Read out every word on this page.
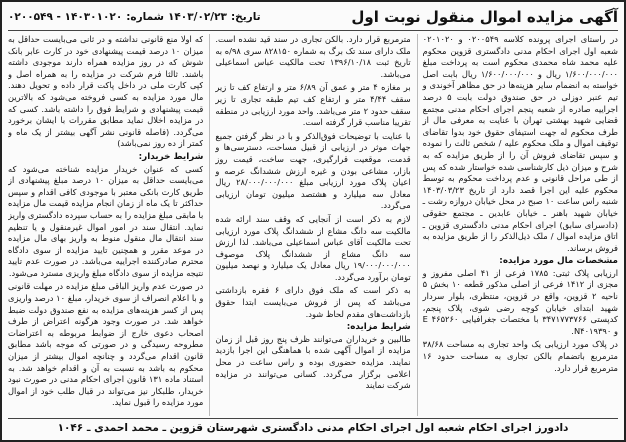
آگهی مزایده اموال منقول نوبت اول
تاریخ:
۱۴۰۳/۰۲/۲۳
شماره:
۱۴۰۳۰۱۰۲۰ - ۰۲۰۰۵۴۹

در راستای اجرای پرونده کلاسه ۰۲۰۰۵۴۹ و ۰۲۰۱۰۲۰ شعبه اول اجرای احکام مدنی دادگستری قزوین محکوم علیه محمد شاه محمدی محکوم است به پرداخت مبلغ ۱/۶۰۰/۰۰۰/۰۰۰ ریال و ۱/۶۰۰/۰۰۰/۰۰۰ ریال بابت اصل خواسته به انضمام سایر هزینه‌ها در حق مظاهر آخوندی و تیم عنبر دوزلی در حق صندوق دولت بابت ۵ درصد اجراییه صادره از شعبه پنجم اجرای احکام مدنی مجتمع قضایی شهید بهشتی تهران با عنایت به معرفی مال از طرف محکوم له جهت استیفای حقوق خود بدوا تقاضای توقیف اموال و ملک محکوم علیه / شخص ثالث را نموده و سپس تقاضای فروش آن را از طریق مزایده که به شرح و میزان ذیل کارشناسی شده خواستار شده که پس از طی مراحل قانونی و عدم پرداخت محکوم به توسط محکوم علیه این اجرا قصد دارد از تاریخ ۱۴۰۳/۰۳/۲۳ شنبه راس ساعت ۱۰ صبح در محل خیابان دروازه رشت ـ خیابان شهید باهنر ـ خیابان عابدین ـ مجتمع حقوقی (دادسرای سابق) اجرای احکام مدنی دادگستری قزوین ـ اتاق مزایده اموال / ملک ذیل‌الذکر را از طریق مزایده به فروش برساند.

مشخصات مال مورد مزایده:

ارزیابی پلاک ثبتی: ۱۷۸۵ فرعی از ۴۱ اصلی مفروز و مجزی از ۱۴۱۲ فرعی از اصلی مذکور قطعه ۱۰ بخش ۵ ناحیه ۲ قزوین، واقع در قزوین، منتظری، بلوار سردار شهید ابتدای خیابان کوچه رضی شوی، پلاک پنجم، کدپستی ۳۴۷۱۷۷۳۷۶۶ با مختصات جغرافیایی ۴۶۵۲۶۰ E و N۴۰۱۹۳۹۰.

در پلاک مورد ارزیابی یک واحد تجاری به مساحت ۳۸/۶۸ مترمربع باتضمام بالکن تجاری به مساحت حدود ۱۶ مترمربع قرار دارد.

مترمربع قرار دارد. بالکن تجاری در سند قید نشده است. ملک دارای سند تک برگ به شماره ۸۲۸۱۵۰ سری ۹۸/ه به تاریخ ثبت ۱۳۹۶/۱۰/۱۸ تحت مالکیت عباس اسماعیلی می‌باشد.

بر مغازه ۴ متر و عمق آن ۶/۸۹ متر و ارتفاع کف تا زیر سقف ۴/۴۴ متر و ارتفاع کف تیم طبقه تجاری تا زیر سقف حدود ۲ متر می‌باشد. واحد مورد ارزیابی در منطقه تقریبا مناسب قرار گرفته است.

با عنایت با توضیحات فوق‌الذکر و با در نظر گرفتن جمیع جهات موثر در ارزیابی از قبیل مساحت، دسترسی‌ها و قدمت، موقعیت قرارگیری، جهت ساخت، قیمت روز بازار، مشاعی بودن و غیره ارزش ششدانگ عرصه و اعیان پلاک مورد ارزیابی مبلغ ۲۸/۰۰۰/۰۰۰/۰۰۰ ریال معادل سه میلیارد و هشتصد میلیون تومان ارزیابی می‌گردد.

لازم به ذکر است از آنجایی که وقف سند ارائه شده مالکیت سه دانگ مشاع از ششدانگ پلاک مورد ارزیابی تحت مالکیت آقای عباس اسماعیلی می‌باشد. لذا ارزش سه دانگ مشاع از ششدانگ پلاک موصوف ۱۹/۰۰۰/۰۰۰/۰۰۰ ریال معادل یک میلیارد و نهصد میلیون تومان برآورد می‌گردد.

به ذکر است که ملک فوق دارای ۶ فقره بازداشتی می‌باشد که پس از فروش می‌بایست ابتدا حقوق بازداشت‌های مقدم لحاظ شود.

شرایط مزایده:

طالبین و خریداران می‌توانند ظرف پنج روز قبل از زمان مزایده از اموال آگهی شده با هماهنگی این اجرا بازدید نمایند. مزایده حضوری بوده و راس ساعت در محل اعلامی برگزار می‌گردد. کسانی می‌توانند در مزایده شرکت نمایند

که اولا منع قانونی نداشته و در ثانی می‌بایست حداقل به میزان ۱۰ درصد قیمت پیشنهادی خود در کارت عابر بانک شوش که در روز مزایده همراه دارند موجودی داشته باشند. ثالثا فرم شرکت در مزایده را به همراه اصل و کپی کارت ملی در داخل پاکت قرار داده و تحویل دهند. مال مورد مزایده به کسی فروخته می‌شود که بالاترین قیمت پیشنهادی و شرایط فوق را داشته باشد. کسی که در مزایده اخلال نماید مطابق مقررات با ایشان برخورد می‌گردد. (فاصله قانونی نشر آگهی بیشتر از یک ماه و کمتر از ده روز نمی‌باشد)

شرایط خریدار:

کسی که عنوان خریدار مزایده شناخته می‌شود که می‌بایست حداقل به میزان ۱۰ درصد مبلغ پیشنهادی از طریق کارت بانکی معتبر با موجودی کافی اقدام و سپس حداکثر تا یک ماه از زمان انجام مزایده قیمت مال مزایده با مابقی مبلغ مزایده را به حساب سپرده دادگستری واریز نماید. انتقال سند در امور اموال غیرمنقول و یا تنظیم سند انتقال مال منقول منوط به واریز بهای مال مزایده در موعد مقرر و همچنین تایید مزایده از سوی دادگاه محترم صادرکننده اجراییه می‌باشد. در صورت عدم تایید نتیجه مزایده از سوی دادگاه مبلغ واریزی مسترد می‌شود.

در صورت عدم واریز الباقی مبلغ مزایده در مهلت قانونی و با اعلام انصراف از سوی خریدار، مبلغ ۱۰ درصد واریزی پس از کسر هزینه‌های مزایده به نفع صندوق دولت ضبط خواهد شد. در صورت وجود هرگونه اعتراض از طرف اصحاب دعوی خارج از ضوابط مربوطه به اعتراضات مطروحه رسیدگی و در صورتی که موجه باشد مطابق قانون اقدام می‌گردد و چنانچه اموال بیشتر از میزان محکوم به باشد به نسبت به آن و اقدام خواهد شد. به استناد ماده ۱۳۱ قانون اجرای احکام مدنی در صورت نبود خریدار، طلبکار نیز می‌تواند در قبال طلب خود از اموال مورد مزایده را قبول نماید.

دادورز اجرای احکام شعبه اول اجرای احکام مدنی دادگستری شهرستان قزوین ـ محمد احمدی ـ ۱۰۴۶
